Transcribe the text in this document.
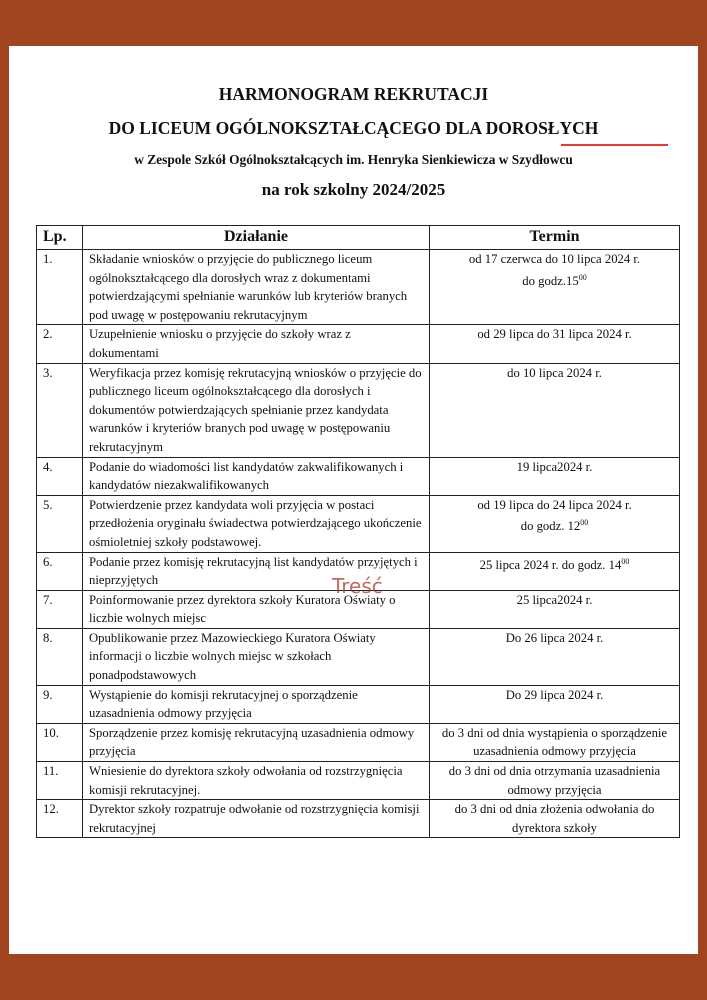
HARMONOGRAM REKRUTACJI
DO LICEUM OGÓLNOKSZTAŁCĄCEGO DLA DOROSŁYCH
w Zespole Szkół Ogólnokształcących im. Henryka Sienkiewicza w Szydłowcu
na rok szkolny 2024/2025
Lp.	Działanie	Termin
1.	Składanie wniosków o przyjęcie do publicznego liceum ogólnokształcącego dla dorosłych wraz z dokumentami potwierdzającymi spełnianie warunków lub kryteriów branych pod uwagę w postępowaniu rekrutacyjnym	od 17 czerwca do 10 lipca 2024 r.
do $godz.15^{00}$
2.	Uzupełnienie wniosku o przyjęcie do szkoły wraz z dokumentami	od 29 lipca do 31 lipca 2024 r.
3.	Weryfikacja przez komisję rekrutacyjną wniosków o przyjęcie do publicznego liceum ogólnokształcącego dla dorosłych i dokumentów potwierdzających spełnianie przez kandydata warunków i kryteriów branych pod uwagę w postępowaniu rekrutacyjnym	do 10 lipca 2024 r.
4.	Podanie do wiadomości list kandydatów zakwalifikowanych i kandydatów niezakwalifikowanych	19 lipca2024 r.
5.	Potwierdzenie przez kandydata woli przyjęcia w postaci przedłożenia oryginału świadectwa potwierdzającego ukończenie ośmioletniej szkoły podstawowej.	od 19 lipca do 24 lipca 2024 r.
do godz. $12^{00}$
6.	Podanie przez komisję rekrutacyjną list kandydatów przyjętych i nieprzyjętych	25 lipca 2024 r. do godz. $14^{00}$
7.	Poinformowanie przez dyrektora szkoły Kuratora Oświaty o liczbie wolnych miejsc	25 lipca2024 r.
8.	Opublikowanie przez Mazowieckiego Kuratora Oświaty informacji o liczbie wolnych miejsc w szkołach ponadpodstawowych	Do 26 lipca 2024 r.
9.	Wystąpienie do komisji rekrutacyjnej o sporządzenie uzasadnienia odmowy przyjęcia	Do 29 lipca 2024 r.
10.	Sporządzenie przez komisję rekrutacyjną uzasadnienia odmowy przyjęcia	do 3 dni od dnia wystąpienia o sporządzenie uzasadnienia odmowy przyjęcia
11.	Wniesienie do dyrektora szkoły odwołania od rozstrzygnięcia komisji rekrutacyjnej.	do 3 dni od dnia otrzymania uzasadnienia odmowy przyjęcia
12.	Dyrektor szkoły rozpatruje odwołanie od rozstrzygnięcia komisji rekrutacyjnej	do 3 dni od dnia złożenia odwołania do dyrektora szkoły
Treść
